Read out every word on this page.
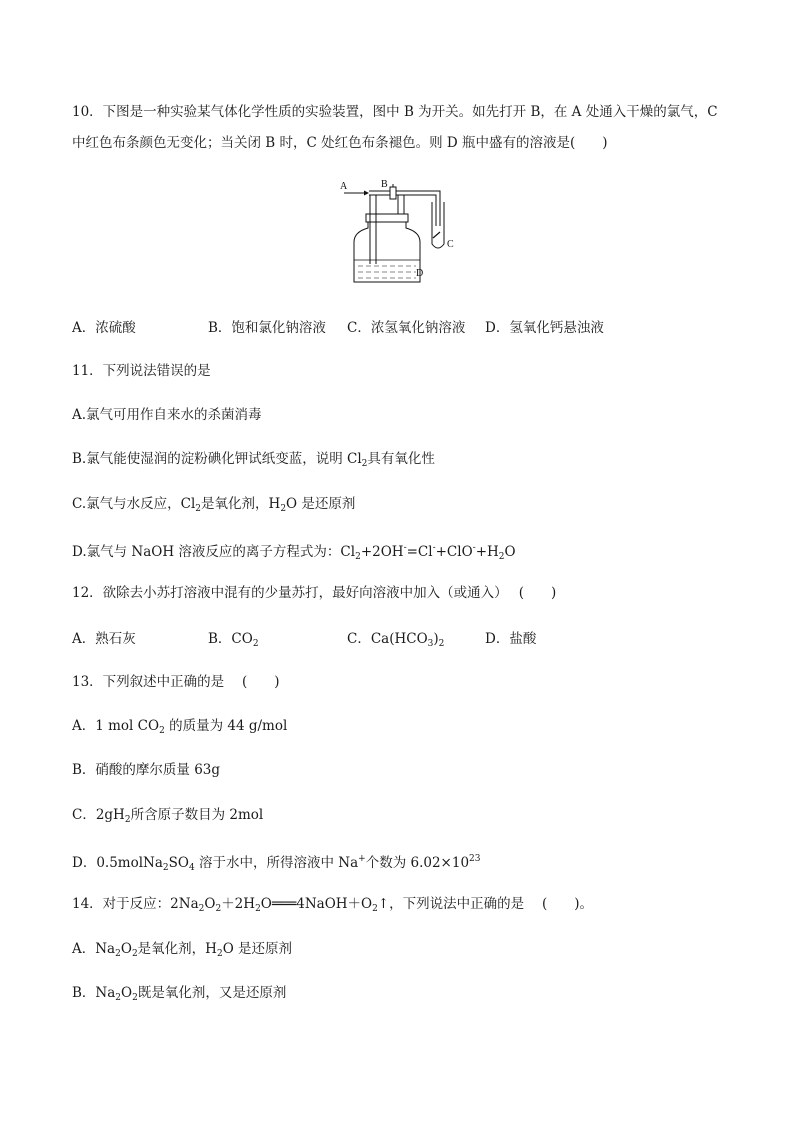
10．下图是一种实验某气体化学性质的实验装置，图中 B 为开关。如先打开 B，在 A 处通入干燥的氯气，C
中红色布条颜色无变化；当关闭 B 时，C 处红色布条褪色。则 D 瓶中盛有的溶液是(　　)
A	B
C
D
A．浓硫酸	B．饱和氯化钠溶液 C．浓氢氧化钠溶液 D．氢氧化钙悬浊液
11．下列说法错误的是
A.氯气可用作自来水的杀菌消毒
B.氯气能使湿润的淀粉碘化钾试纸变蓝，说明 $Cl_2$具有氧化性
C.氯气与水反应，$Cl_2$是氧化剂，$H_2O$ 是还原剂
D.氯气与 NaOH 溶液反应的离子方程式为：$Cl_2+2OH^-=Cl^-+ClO^-+H_2O$
12．欲除去小苏打溶液中混有的少量苏打，最好向溶液中加入（或通入）　 (　　)
A．熟石灰	B．$CO_2$	C．$Ca(HCO_3)_2$	D．盐酸
13．下列叙述中正确的是　 (　　)
A．1 mol $CO_2$ 的质量为 44 g/mol
B．硝酸的摩尔质量 63g
C．$2gH_2$所含原子数目为 2mol
D．$0.5molNa_2SO_4$ 溶于水中，所得溶液中 Na+个数为 $6.02\times 10^{23}$
14．对于反应：$2Na_2O_2+2H_2O═══4NaOH+O_2↑$，下列说法中正确的是　 (　　)。
A．$Na_2O_2$是氧化剂，$H_2O$ 是还原剂
B．$Na_2O_2$既是氧化剂，又是还原剂
